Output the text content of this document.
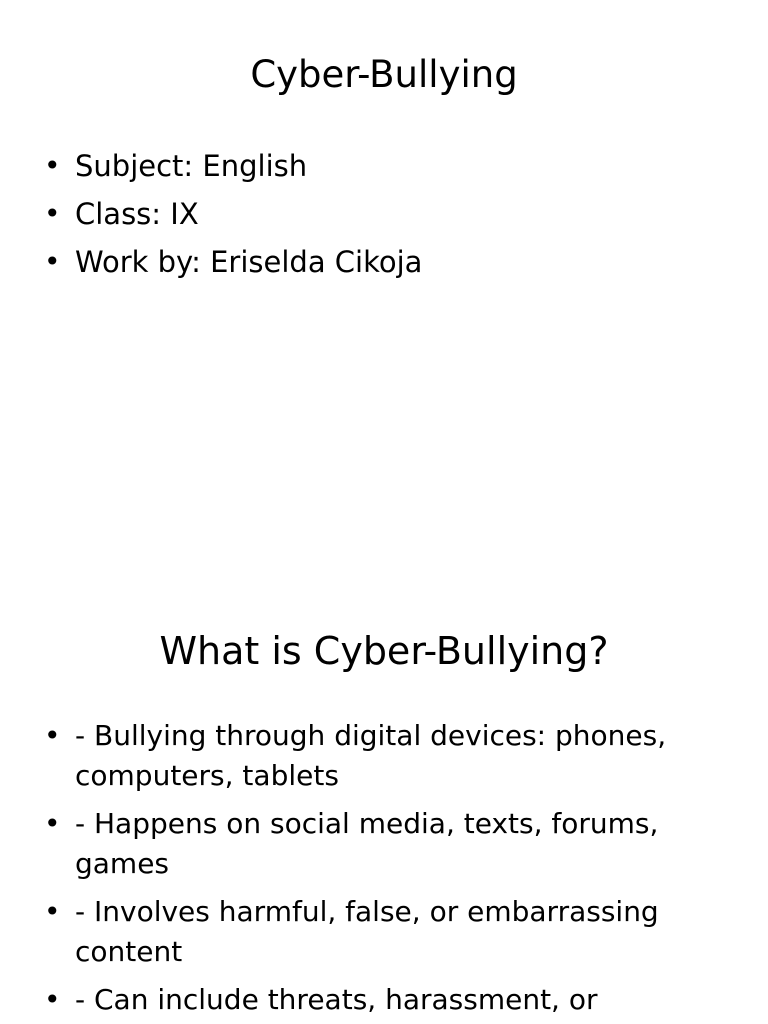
Cyber-Bullying
• Subject: English
• Class: IX
• Work by: Eriselda Cikoja
What is Cyber-Bullying?
• - Bullying through digital devices: phones, computers, tablets
• - Happens on social media, texts, forums, games
• - Involves harmful, false, or embarrassing content
• - Can include threats, harassment, or
